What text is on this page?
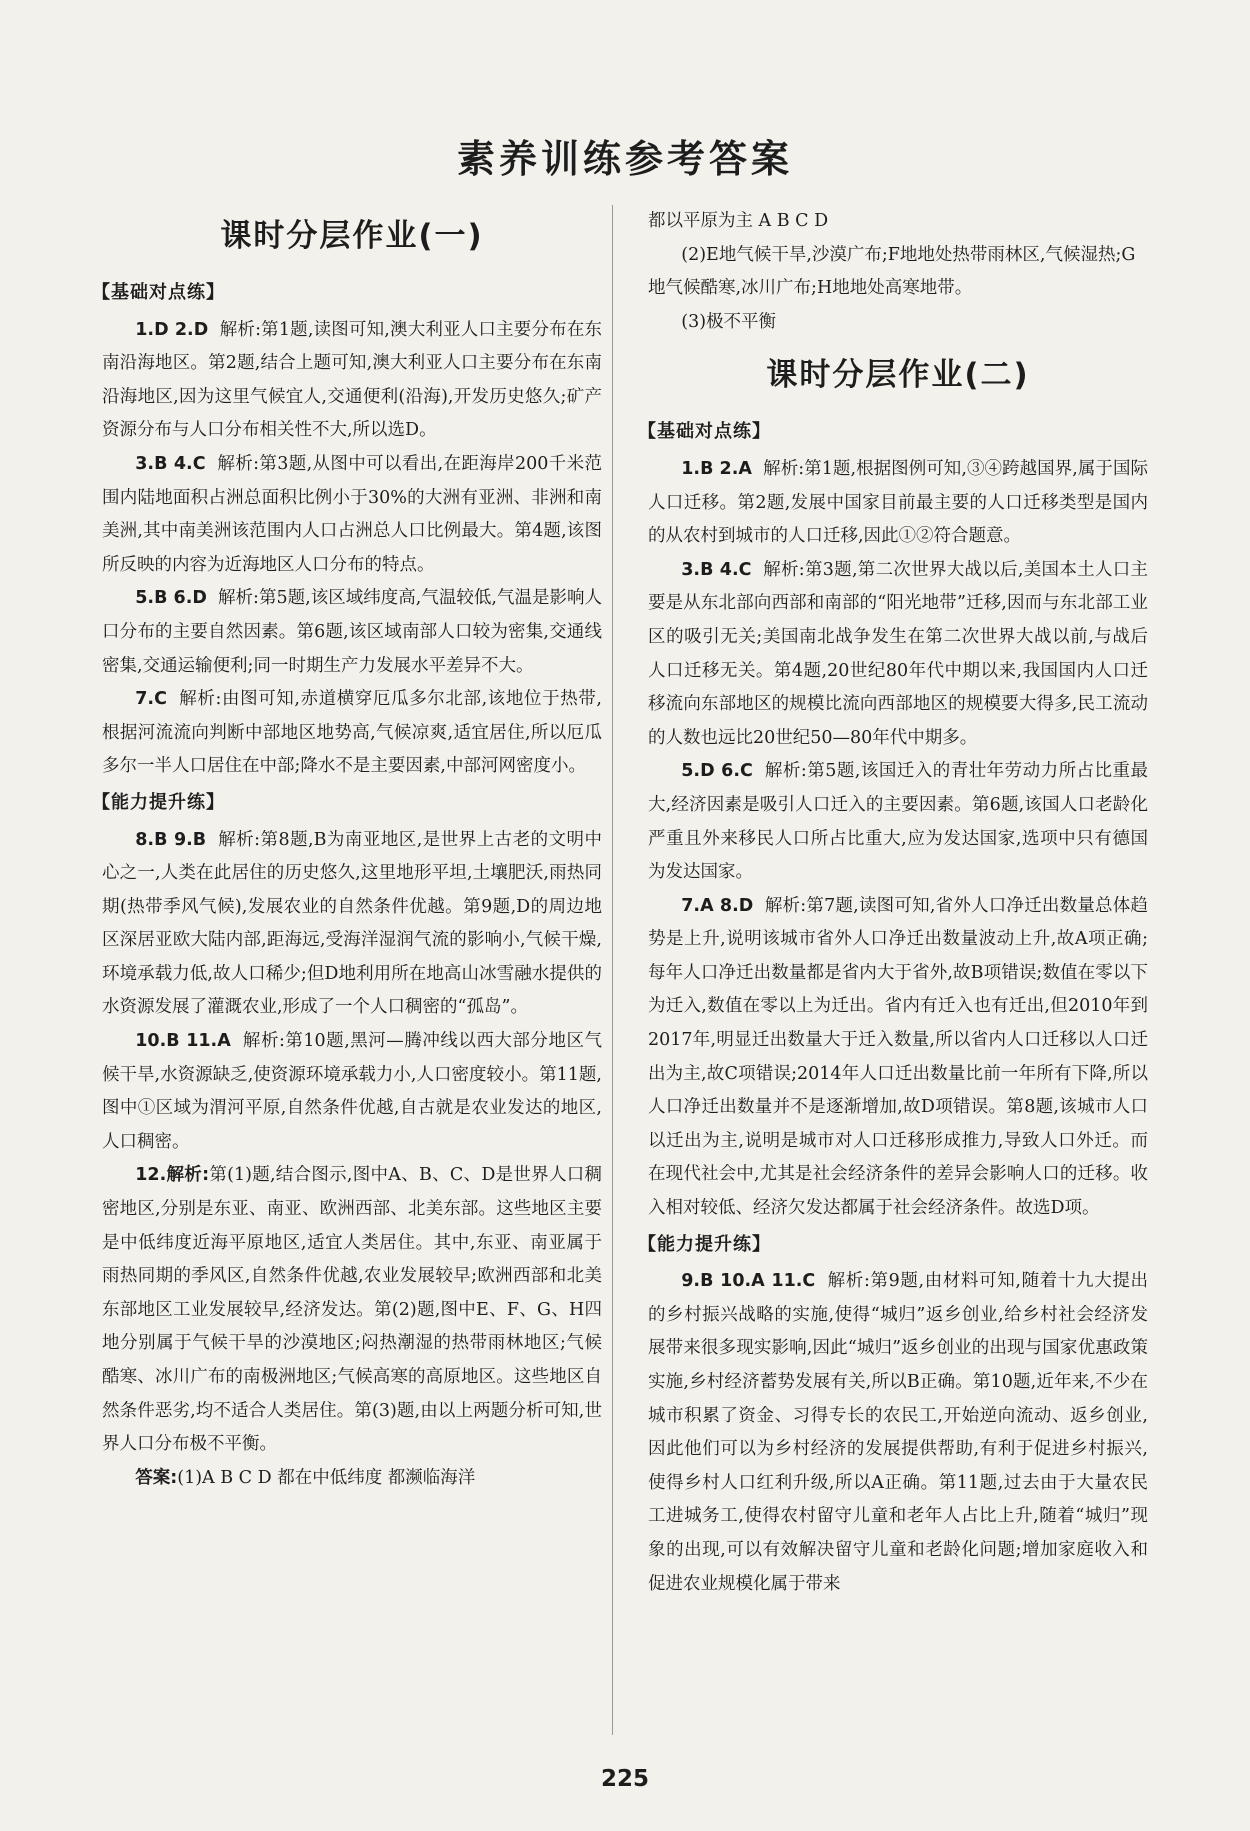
素养训练参考答案
课时分层作业(一)
【基础对点练】

1.D 2.D 解析:第1题,读图可知,澳大利亚人口主要分布在东南沿海地区。第2题,结合上题可知,澳大利亚人口主要分布在东南沿海地区,因为这里气候宜人,交通便利(沿海),开发历史悠久;矿产资源分布与人口分布相关性不大,所以选D。

3.B 4.C 解析:第3题,从图中可以看出,在距海岸200千米范围内陆地面积占洲总面积比例小于30%的大洲有亚洲、非洲和南美洲,其中南美洲该范围内人口占洲总人口比例最大。第4题,该图所反映的内容为近海地区人口分布的特点。

5.B 6.D 解析:第5题,该区域纬度高,气温较低,气温是影响人口分布的主要自然因素。第6题,该区域南部人口较为密集,交通线密集,交通运输便利;同一时期生产力发展水平差异不大。

7.C 解析:由图可知,赤道横穿厄瓜多尔北部,该地位于热带,根据河流流向判断中部地区地势高,气候凉爽,适宜居住,所以厄瓜多尔一半人口居住在中部;降水不是主要因素,中部河网密度小。

【能力提升练】

8.B 9.B 解析:第8题,B为南亚地区,是世界上古老的文明中心之一,人类在此居住的历史悠久,这里地形平坦,土壤肥沃,雨热同期(热带季风气候),发展农业的自然条件优越。第9题,D的周边地区深居亚欧大陆内部,距海远,受海洋湿润气流的影响小,气候干燥,环境承载力低,故人口稀少;但D地利用所在地高山冰雪融水提供的水资源发展了灌溉农业,形成了一个人口稠密的“孤岛”。

10.B 11.A 解析:第10题,黑河—腾冲线以西大部分地区气候干旱,水资源缺乏,使资源环境承载力小,人口密度较小。第11题,图中①区域为渭河平原,自然条件优越,自古就是农业发达的地区,人口稠密。

12.解析:第(1)题,结合图示,图中A、B、C、D是世界人口稠密地区,分别是东亚、南亚、欧洲西部、北美东部。这些地区主要是中低纬度近海平原地区,适宜人类居住。其中,东亚、南亚属于雨热同期的季风区,自然条件优越,农业发展较早;欧洲西部和北美东部地区工业发展较早,经济发达。第(2)题,图中E、F、G、H四地分别属于气候干旱的沙漠地区;闷热潮湿的热带雨林地区;气候酷寒、冰川广布的南极洲地区;气候高寒的高原地区。这些地区自然条件恶劣,均不适合人类居住。第(3)题,由以上两题分析可知,世界人口分布极不平衡。

答案:(1)A B C D 都在中低纬度 都濒临海洋

都以平原为主 A B C D

(2)E地气候干旱,沙漠广布;F地地处热带雨林区,气候湿热;G地气候酷寒,冰川广布;H地地处高寒地带。

(3)极不平衡

课时分层作业(二)
【基础对点练】

1.B 2.A 解析:第1题,根据图例可知,③④跨越国界,属于国际人口迁移。第2题,发展中国家目前最主要的人口迁移类型是国内的从农村到城市的人口迁移,因此①②符合题意。

3.B 4.C 解析:第3题,第二次世界大战以后,美国本土人口主要是从东北部向西部和南部的“阳光地带”迁移,因而与东北部工业区的吸引无关;美国南北战争发生在第二次世界大战以前,与战后人口迁移无关。第4题,20世纪80年代中期以来,我国国内人口迁移流向东部地区的规模比流向西部地区的规模要大得多,民工流动的人数也远比20世纪50—80年代中期多。

5.D 6.C 解析:第5题,该国迁入的青壮年劳动力所占比重最大,经济因素是吸引人口迁入的主要因素。第6题,该国人口老龄化严重且外来移民人口所占比重大,应为发达国家,选项中只有德国为发达国家。

7.A 8.D 解析:第7题,读图可知,省外人口净迁出数量总体趋势是上升,说明该城市省外人口净迁出数量波动上升,故A项正确;每年人口净迁出数量都是省内大于省外,故B项错误;数值在零以下为迁入,数值在零以上为迁出。省内有迁入也有迁出,但2010年到2017年,明显迁出数量大于迁入数量,所以省内人口迁移以人口迁出为主,故C项错误;2014年人口迁出数量比前一年所有下降,所以人口净迁出数量并不是逐渐增加,故D项错误。第8题,该城市人口以迁出为主,说明是城市对人口迁移形成推力,导致人口外迁。而在现代社会中,尤其是社会经济条件的差异会影响人口的迁移。收入相对较低、经济欠发达都属于社会经济条件。故选D项。

【能力提升练】

9.B 10.A 11.C 解析:第9题,由材料可知,随着十九大提出的乡村振兴战略的实施,使得“城归”返乡创业,给乡村社会经济发展带来很多现实影响,因此“城归”返乡创业的出现与国家优惠政策实施,乡村经济蓄势发展有关,所以B正确。第10题,近年来,不少在城市积累了资金、习得专长的农民工,开始逆向流动、返乡创业,因此他们可以为乡村经济的发展提供帮助,有利于促进乡村振兴,使得乡村人口红利升级,所以A正确。第11题,过去由于大量农民工进城务工,使得农村留守儿童和老年人占比上升,随着“城归”现象的出现,可以有效解决留守儿童和老龄化问题;增加家庭收入和促进农业规模化属于带来

225
